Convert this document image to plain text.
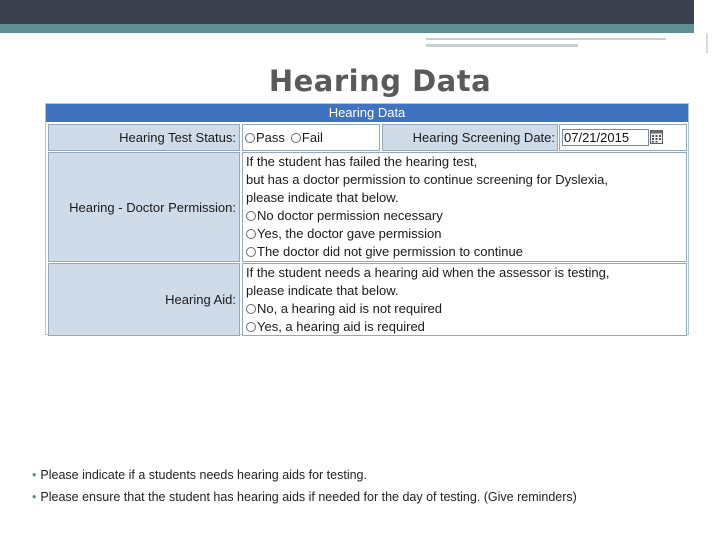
Hearing Data
Hearing Data
Hearing Test Status: Pass Fail	Hearing Screening Date: 07/21/2015
Hearing - Doctor Permission:
If the student has failed the hearing test,
but has a doctor permission to continue screening for Dyslexia,
please indicate that below.
No doctor permission necessary
Yes, the doctor gave permission
The doctor did not give permission to continue
Hearing Aid:
If the student needs a hearing aid when the assessor is testing,
please indicate that below.
No, a hearing aid is not required
Yes, a hearing aid is required
• Please indicate if a students needs hearing aids for testing.
• Please ensure that the student has hearing aids if needed for the day of testing. (Give reminders)
